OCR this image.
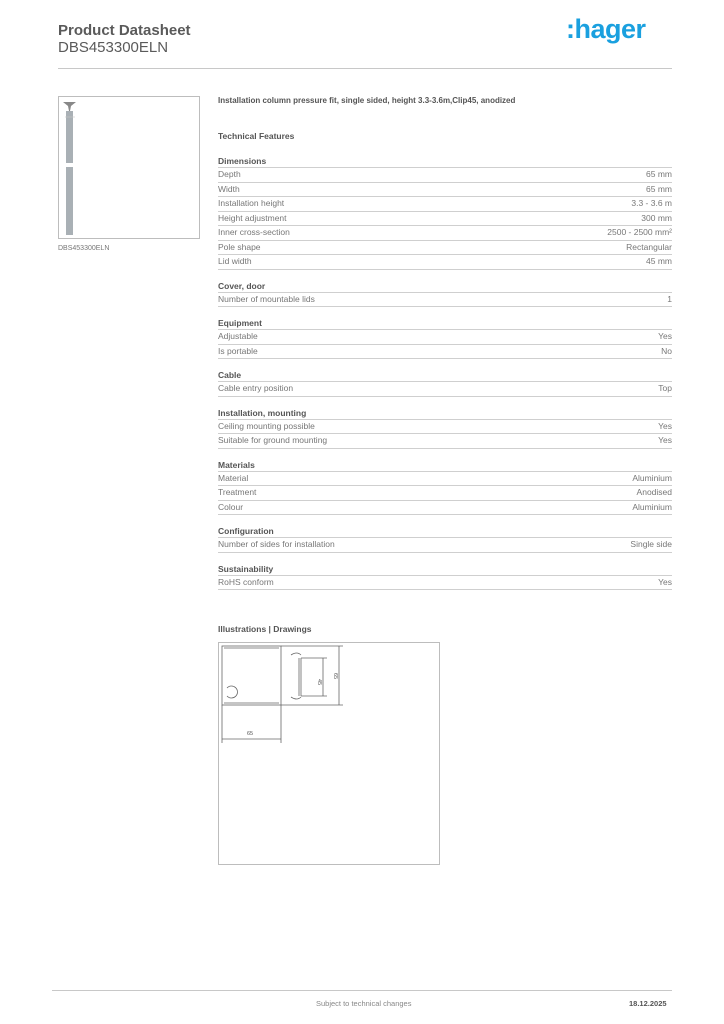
Product Datasheet
DBS453300ELN
:hager
DBS453300ELN
Installation column pressure fit, single sided, height 3.3-3.6m,Clip45, anodized
Technical Features
Dimensions
Depth	65 mm
Width	65 mm
Installation height	3.3 - 3.6 m
Height adjustment	300 mm
Inner cross-section	2500 - 2500 mm²
Pole shape	Rectangular
Lid width	45 mm
Cover, door
Number of mountable lids	1
Equipment
Adjustable	Yes
Is portable	No
Cable
Cable entry position	Top
Installation, mounting
Ceiling mounting possible	Yes
Suitable for ground mounting	Yes
Materials
Material	Aluminium
Treatment	Anodised
Colour	Aluminium
Configuration
Number of sides for installation	Single side
Sustainability
RoHS conform	Yes
Illustrations | Drawings
65
45
65
Subject to technical changes	18.12.2025
